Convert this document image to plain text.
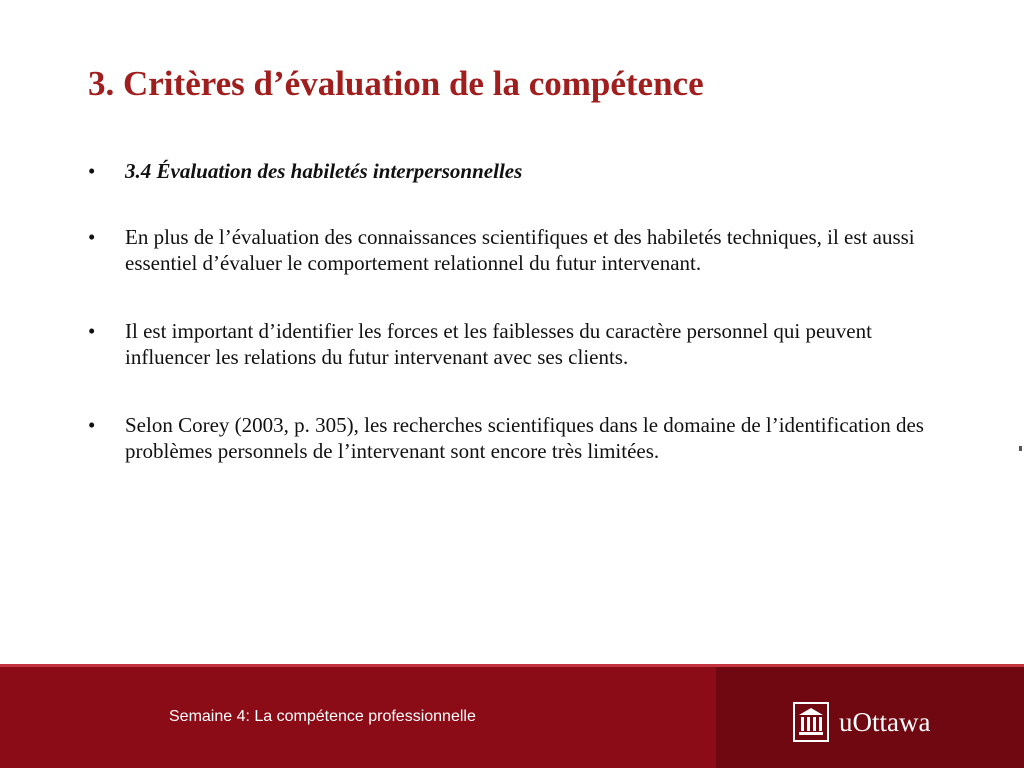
3. Critères d’évaluation de la compétence
• 3.4 Évaluation des habiletés interpersonnelles
• En plus de l’évaluation des connaissances scientifiques et des habiletés techniques, il est aussi essentiel d’évaluer le comportement relationnel du futur intervenant.
• Il est important d’identifier les forces et les faiblesses du caractère personnel qui peuvent influencer les relations du futur intervenant avec ses clients.
• Selon Corey (2003, p. 305), les recherches scientifiques dans le domaine de l’identification des problèmes personnels de l’intervenant sont encore très limitées.
Semaine 4: La compétence professionnelle	uOttawa
